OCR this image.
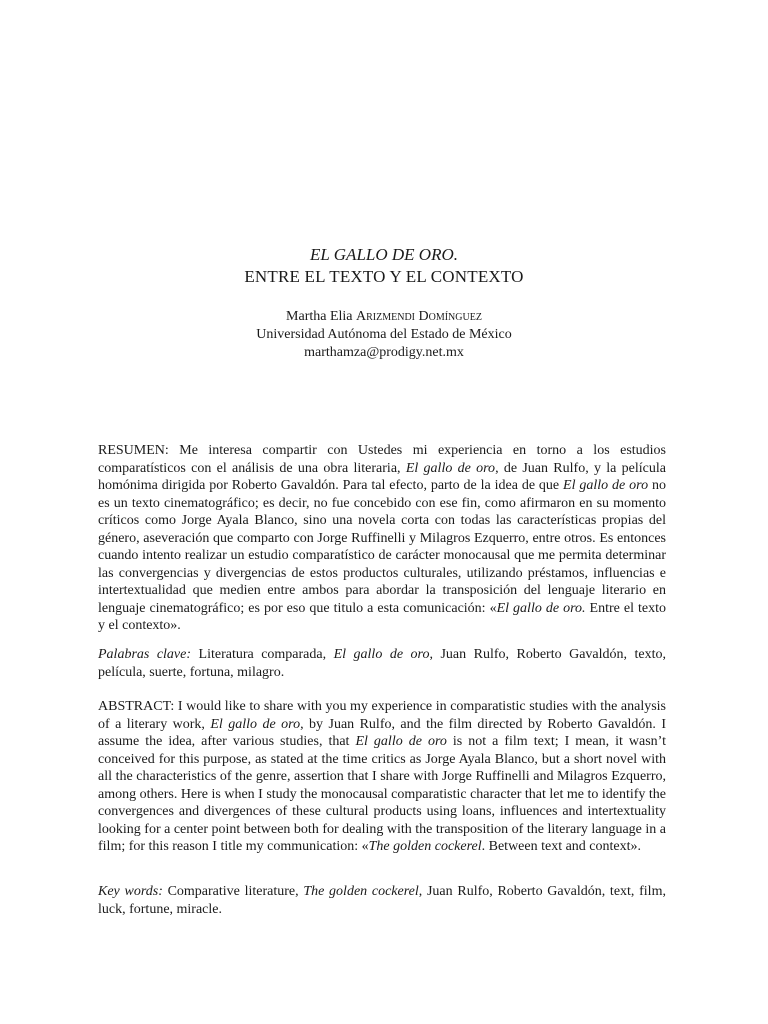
EL GALLO DE ORO.
ENTRE EL TEXTO Y EL CONTEXTO
Martha Elia Arizmendi Domínguez
Universidad Autónoma del Estado de México
marthamza@prodigy.net.mx
RESUMEN: Me interesa compartir con Ustedes mi experiencia en torno a los estudios comparatísticos con el análisis de una obra literaria, El gallo de oro, de Juan Rulfo, y la película homónima dirigida por Roberto Gavaldón. Para tal efecto, parto de la idea de que El gallo de oro no es un texto cinematográfico; es decir, no fue concebido con ese fin, como afirmaron en su momento críticos como Jorge Ayala Blanco, sino una novela corta con todas las características propias del género, aseveración que comparto con Jorge Ruffinelli y Milagros Ezquerro, entre otros. Es entonces cuando intento realizar un estudio comparatístico de carácter monocausal que me permita determinar las convergencias y divergencias de estos productos culturales, utilizando préstamos, influencias e intertextualidad que medien entre ambos para abordar la transposición del lenguaje literario en lenguaje cinematográfico; es por eso que titulo a esta comunicación: «El gallo de oro. Entre el texto y el contexto».
Palabras clave: Literatura comparada, El gallo de oro, Juan Rulfo, Roberto Gavaldón, texto, película, suerte, fortuna, milagro.
ABSTRACT: I would like to share with you my experience in comparatistic studies with the analysis of a literary work, El gallo de oro, by Juan Rulfo, and the film directed by Roberto Gavaldón. I assume the idea, after various studies, that El gallo de oro is not a film text; I mean, it wasn’t conceived for this purpose, as stated at the time critics as Jorge Ayala Blanco, but a short novel with all the characteristics of the genre, assertion that I share with Jorge Ruffinelli and Milagros Ezquerro, among others. Here is when I study the monocausal comparatistic character that let me to identify the convergences and divergences of these cultural products using loans, influences and intertextuality looking for a center point between both for dealing with the transposition of the literary language in a film; for this reason I title my communication: «The golden cockerel. Between text and context».
Key words: Comparative literature, The golden cockerel, Juan Rulfo, Roberto Gavaldón, text, film, luck, fortune, miracle.
